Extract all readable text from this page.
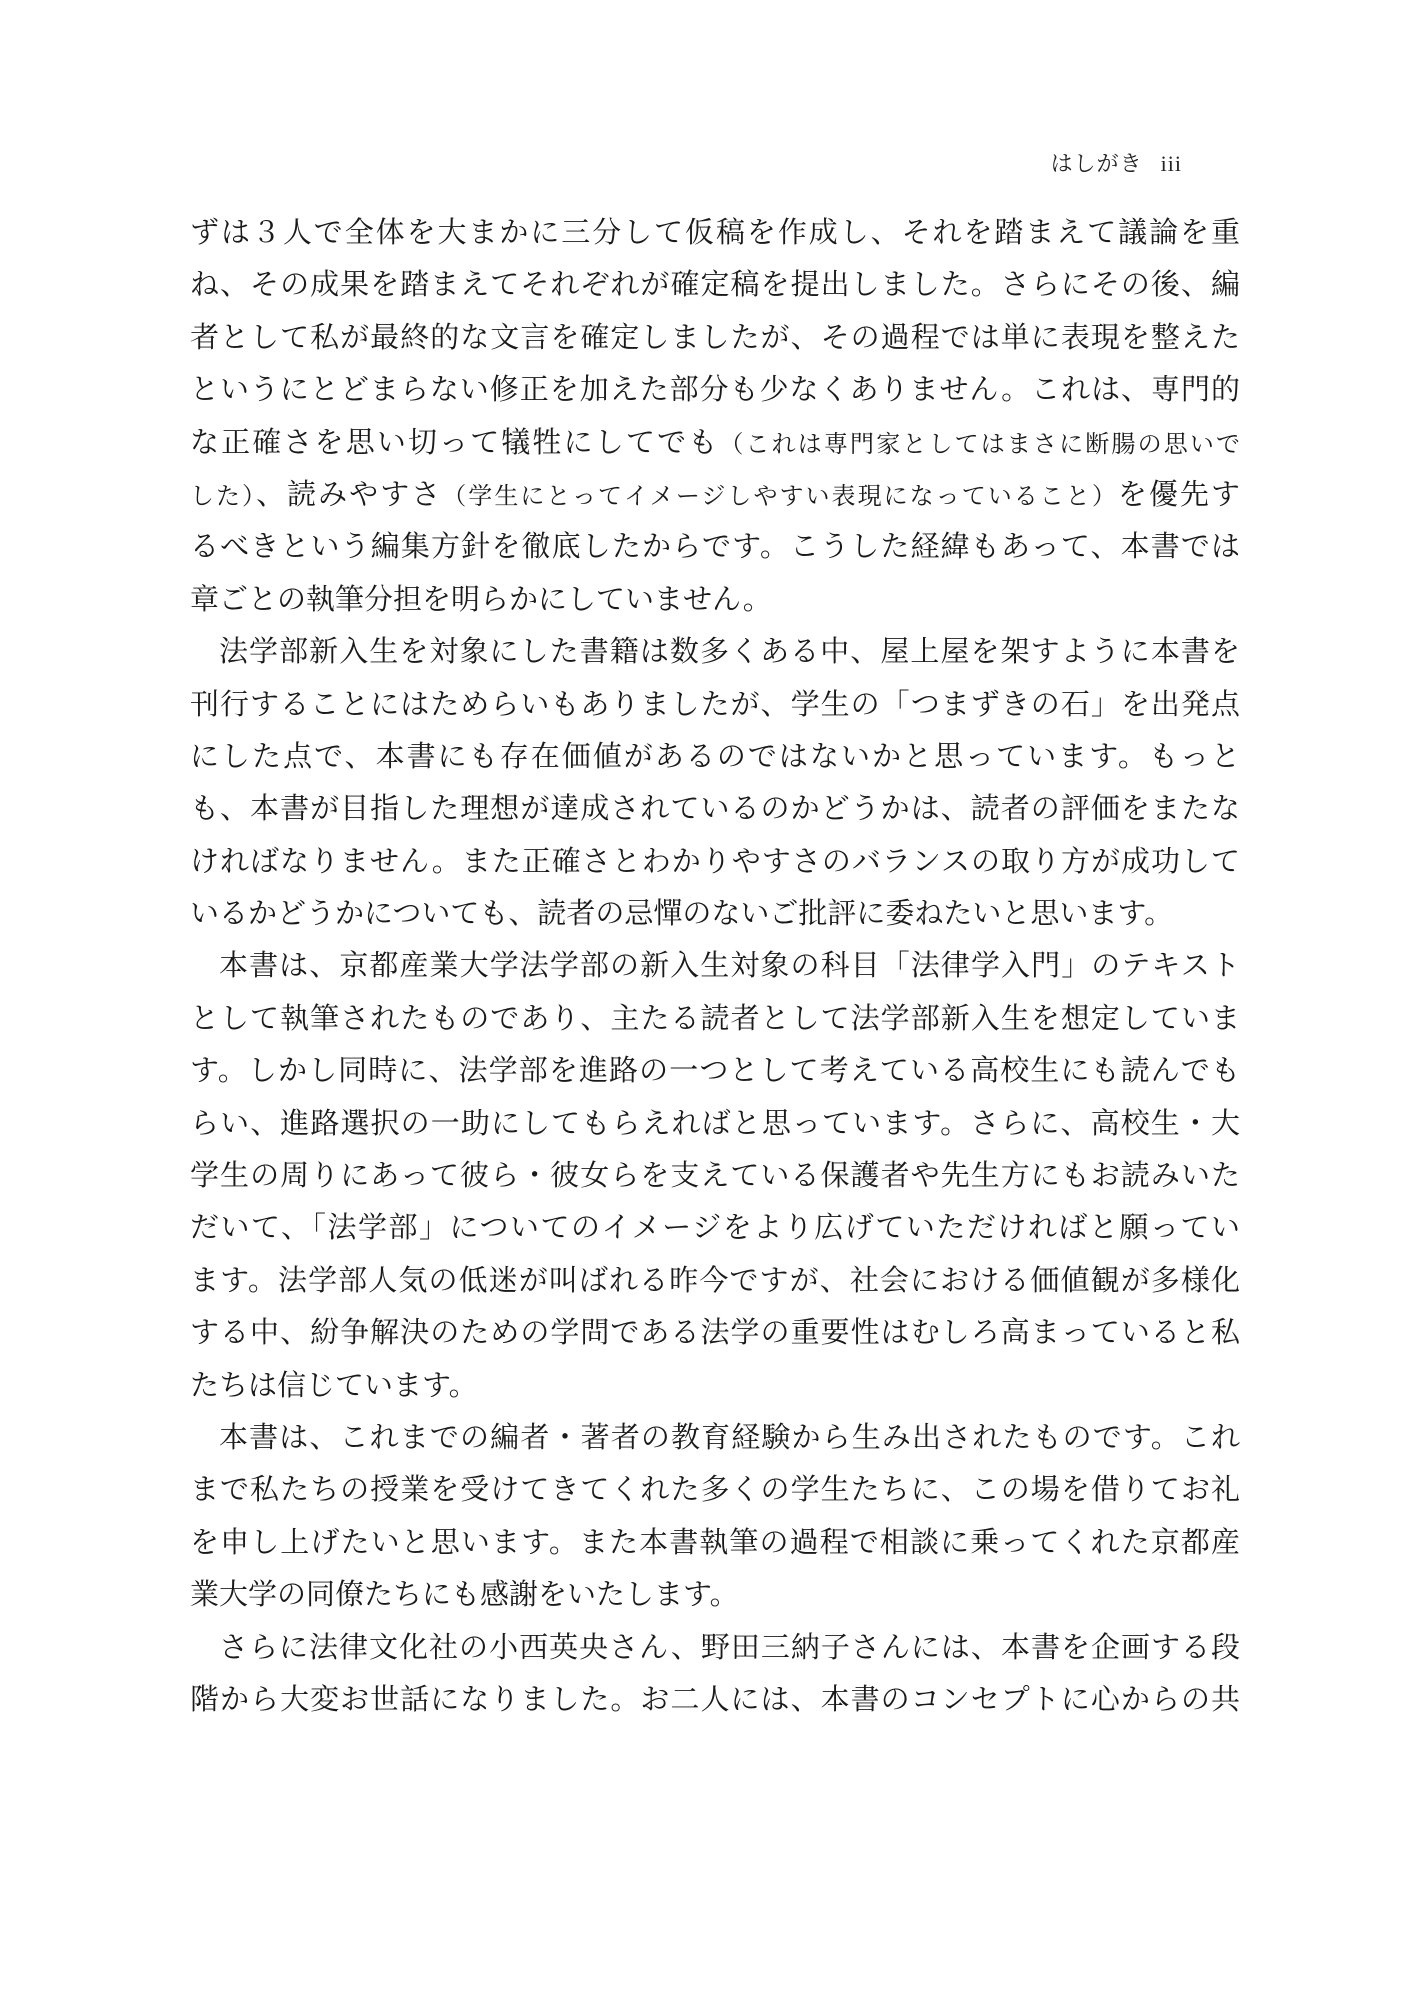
はしがき iii
ずは３人で全体を大まかに三分して仮稿を作成し、それを踏まえて議論を重
ね、その成果を踏まえてそれぞれが確定稿を提出しました。さらにその後、編
者として私が最終的な文言を確定しましたが、その過程では単に表現を整えた
というにとどまらない修正を加えた部分も少なくありません。これは、専門的
な正確さを思い切って犠牲にしてでも（これは専門家としてはまさに断腸の思いで
した）、読みやすさ（学生にとってイメージしやすい表現になっていること）を優先す
るべきという編集方針を徹底したからです。こうした経緯もあって、本書では
章ごとの執筆分担を明らかにしていません。
法学部新入生を対象にした書籍は数多くある中、屋上屋を架すように本書を
刊行することにはためらいもありましたが、学生の「つまずきの石」を出発点
にした点で、本書にも存在価値があるのではないかと思っています。もっと
も、本書が目指した理想が達成されているのかどうかは、読者の評価をまたな
ければなりません。また正確さとわかりやすさのバランスの取り方が成功して
いるかどうかについても、読者の忌憚のないご批評に委ねたいと思います。
本書は、京都産業大学法学部の新入生対象の科目「法律学入門」のテキスト
として執筆されたものであり、主たる読者として法学部新入生を想定していま
す。しかし同時に、法学部を進路の一つとして考えている高校生にも読んでも
らい、進路選択の一助にしてもらえればと思っています。さらに、高校生・大
学生の周りにあって彼ら・彼女らを支えている保護者や先生方にもお読みいた
だいて、「法学部」についてのイメージをより広げていただければと願ってい
ます。法学部人気の低迷が叫ばれる昨今ですが、社会における価値観が多様化
する中、紛争解決のための学問である法学の重要性はむしろ高まっていると私
たちは信じています。
本書は、これまでの編者・著者の教育経験から生み出されたものです。これ
まで私たちの授業を受けてきてくれた多くの学生たちに、この場を借りてお礼
を申し上げたいと思います。また本書執筆の過程で相談に乗ってくれた京都産
業大学の同僚たちにも感謝をいたします。
さらに法律文化社の小西英央さん、野田三納子さんには、本書を企画する段
階から大変お世話になりました。お二人には、本書のコンセプトに心からの共
